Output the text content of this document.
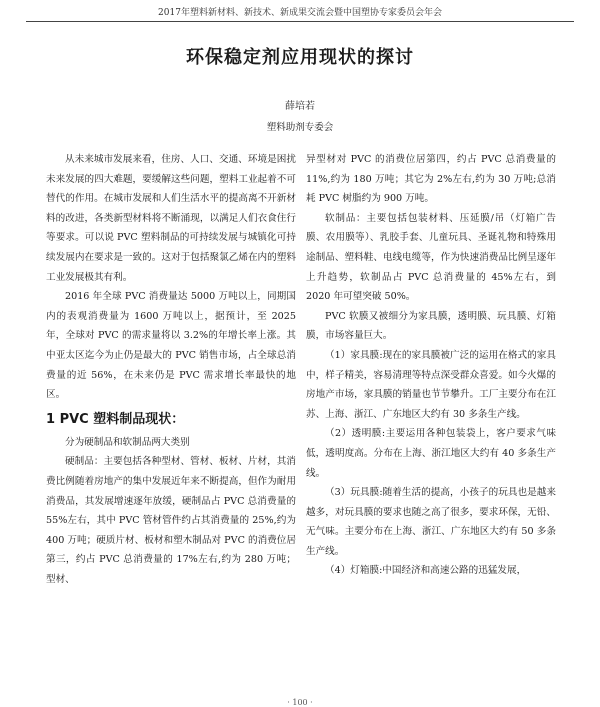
2017年塑料新材料、新技术、新成果交流会暨中国塑协专家委员会年会
环保稳定剂应用现状的探讨
薛培若
塑料助剂专委会

从未来城市发展来看，住房、人口、交通、环境是困扰未来发展的四大难题，要缓解这些问题，塑料工业起着不可替代的作用。在城市发展和人们生活水平的提高离不开新材料的改进，各类新型材料将不断涌现，以满足人们衣食住行等要求。可以说 PVC 塑料制品的可持续发展与城镇化可持续发展内在要求是一致的。这对于包括聚氯乙烯在内的塑料工业发展极其有利。

2016 年全球 PVC 消费量达 5000 万吨以上，同期国内的表观消费量为 1600 万吨以上，据预计，至 2025 年，全球对 PVC 的需求量将以 3.2%的年增长率上涨。其中亚太区迄今为止仍是最大的 PVC 销售市场，占全球总消费量的近 56%，在未来仍是 PVC 需求增长率最快的地区。

1 PVC 塑料制品现状：

分为硬制品和软制品两大类别

硬制品：主要包括各种型材、管材、板材、片材，其消费比例随着房地产的集中发展近年来不断提高，但作为耐用消费品，其发展增速逐年放缓，硬制品占 PVC 总消费量的 55%左右，其中 PVC 管材管件约占其消费量的 25%,约为 400 万吨；硬质片材、板材和塑木制品对 PVC 的消费位居第三，约占 PVC 总消费量的 17%左右,约为 280 万吨；型材、

异型材对 PVC 的消费位居第四，约占 PVC 总消费量的 11%,约为 180 万吨；其它为 2%左右,约为 30 万吨;总消耗 PVC 树脂约为 900 万吨。

软制品：主要包括包装材料、压延膜/吊（灯箱广告膜、农用膜等）、乳胶手套、儿童玩具、圣诞礼物和特殊用途制品、塑料鞋、电线电缆等，作为快速消费品比例呈逐年上升趋势，软制品占 PVC 总消费量的 45%左右，到 2020 年可望突破 50%。

PVC 软膜又被细分为家具膜，透明膜、玩具膜、灯箱膜，市场容量巨大。

（1）家具膜:现在的家具膜被广泛的运用在格式的家具中，样子精美，容易清理等特点深受群众喜爱。如今火爆的房地产市场，家具膜的销量也节节攀升。工厂主要分布在江苏、上海、浙江、广东地区大约有 30 多条生产线。

（2）透明膜:主要运用各种包装袋上，客户要求气味低，透明度高。分布在上海、浙江地区大约有 40 多条生产线。

（3）玩具膜:随着生活的提高，小孩子的玩具也是越来越多，对玩具膜的要求也随之高了很多，要求环保，无铅、无气味。主要分布在上海、浙江、广东地区大约有 50 多条生产线。

（4）灯箱膜:中国经济和高速公路的迅猛发展，

· 100 ·
